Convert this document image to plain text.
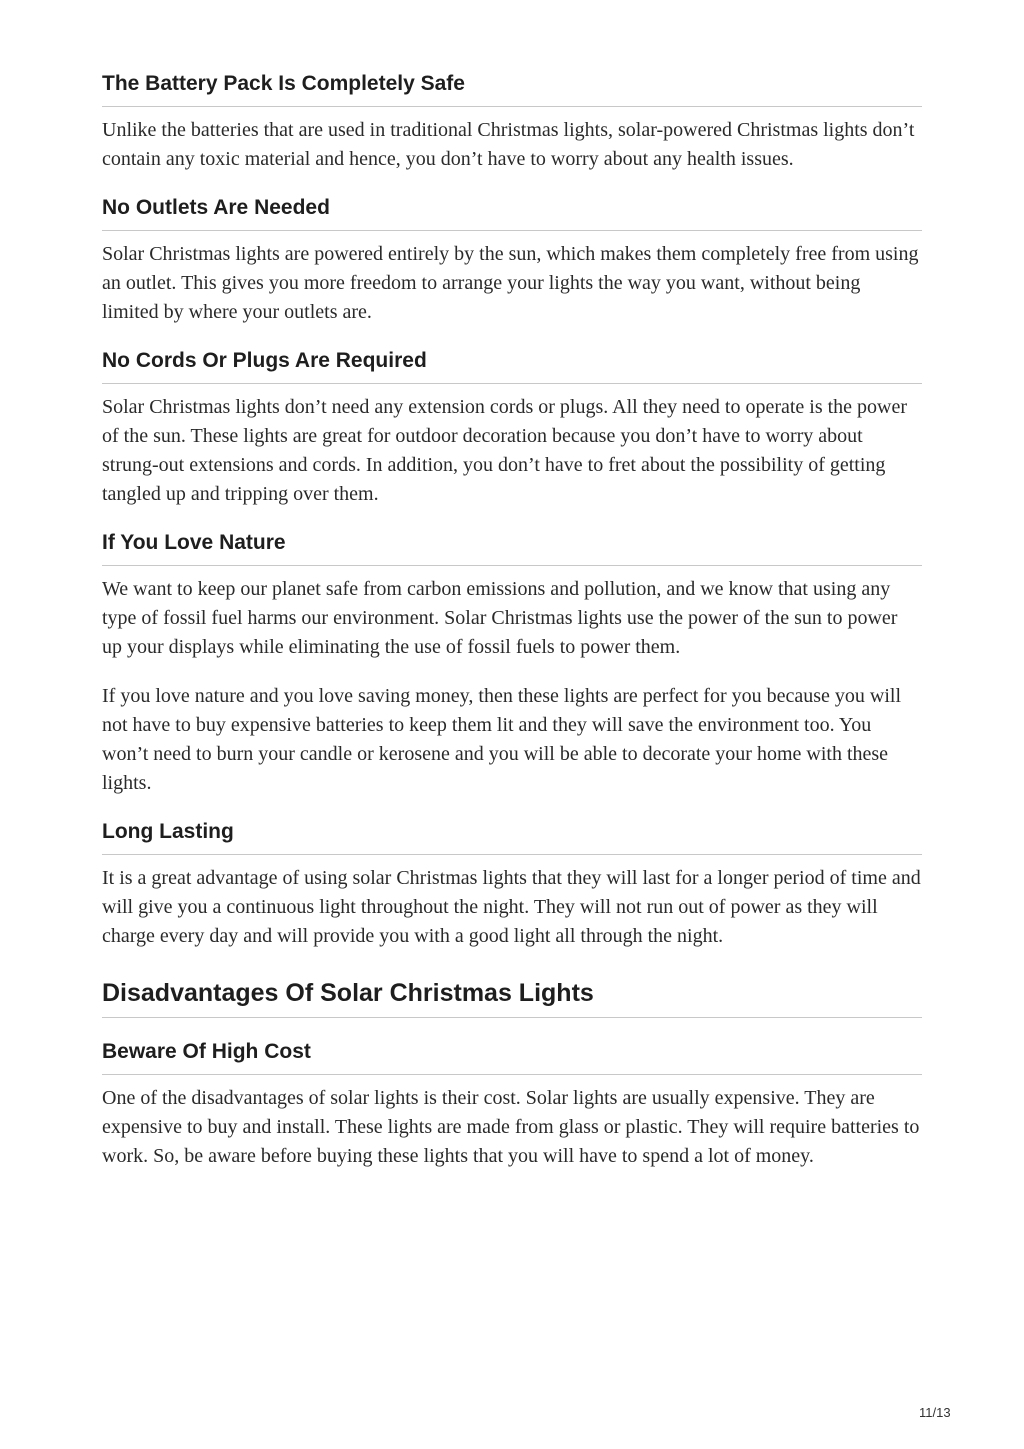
The Battery Pack Is Completely Safe

Unlike the batteries that are used in traditional Christmas lights, solar-powered Christmas lights don’t contain any toxic material and hence, you don’t have to worry about any health issues.

No Outlets Are Needed

Solar Christmas lights are powered entirely by the sun, which makes them completely free from using an outlet. This gives you more freedom to arrange your lights the way you want, without being limited by where your outlets are.

No Cords Or Plugs Are Required

Solar Christmas lights don’t need any extension cords or plugs. All they need to operate is the power of the sun. These lights are great for outdoor decoration because you don’t have to worry about strung-out extensions and cords. In addition, you don’t have to fret about the possibility of getting tangled up and tripping over them.

If You Love Nature

We want to keep our planet safe from carbon emissions and pollution, and we know that using any type of fossil fuel harms our environment. Solar Christmas lights use the power of the sun to power up your displays while eliminating the use of fossil fuels to power them.

If you love nature and you love saving money, then these lights are perfect for you because you will not have to buy expensive batteries to keep them lit and they will save the environment too. You won’t need to burn your candle or kerosene and you will be able to decorate your home with these lights.

Long Lasting

It is a great advantage of using solar Christmas lights that they will last for a longer period of time and will give you a continuous light throughout the night. They will not run out of power as they will charge every day and will provide you with a good light all through the night.

Disadvantages Of Solar Christmas Lights
Beware Of High Cost

One of the disadvantages of solar lights is their cost. Solar lights are usually expensive. They are expensive to buy and install. These lights are made from glass or plastic. They will require batteries to work. So, be aware before buying these lights that you will have to spend a lot of money.

11/13
